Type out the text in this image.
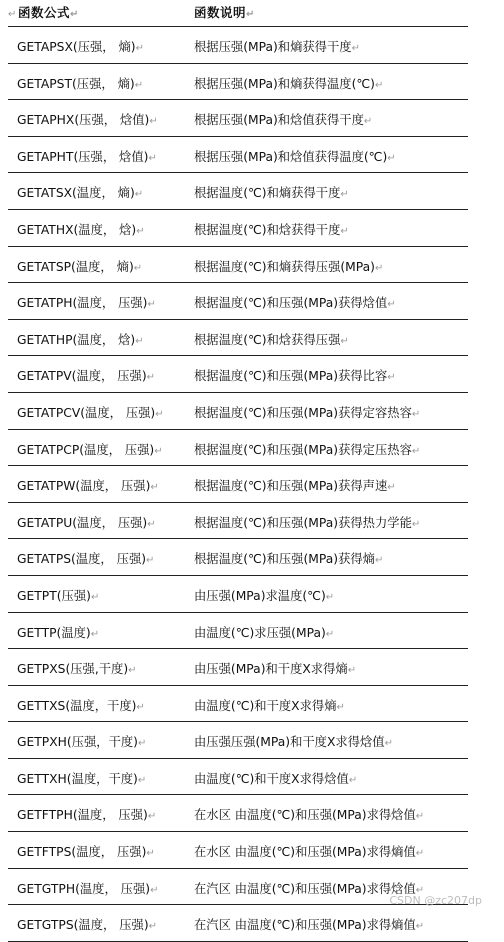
↵ 函数公式↵	函数说明↵
GETAPSX(压强， 熵)↵	根据压强(MPa)和熵获得干度↵
GETAPST(压强， 熵)↵	根据压强(MPa)和熵获得温度(℃)↵
GETAPHX(压强， 焓值)↵	根据压强(MPa)和焓值获得干度↵
GETAPHT(压强， 焓值)↵	根据压强(MPa)和焓值获得温度(℃)↵
GETATSX(温度， 熵)↵	根据温度(℃)和熵获得干度↵
GETATHX(温度， 焓)↵	根据温度(℃)和焓获得干度↵
GETATSP(温度， 熵)↵	根据温度(℃)和熵获得压强(MPa)↵
GETATPH(温度， 压强)↵	根据温度(℃)和压强(MPa)获得焓值↵
GETATHP(温度， 焓)↵	根据温度(℃)和焓获得压强↵
GETATPV(温度， 压强)↵	根据温度(℃)和压强(MPa)获得比容↵
GETATPCV(温度， 压强)↵ 根据温度(℃)和压强(MPa)获得定容热容↵
GETATPCP(温度， 压强)↵	根据温度(℃)和压强(MPa)获得定压热容↵
GETATPW(温度， 压强)↵	根据温度(℃)和压强(MPa)获得声速↵
GETATPU(温度， 压强)↵	根据温度(℃)和压强(MPa)获得热力学能↵
GETATPS(温度， 压强)↵	根据温度(℃)和压强(MPa)获得熵↵
GETPT(压强)↵	由压强(MPa)求温度(℃)↵
GETTP(温度)↵	由温度(℃)求压强(MPa)↵
GETPXS(压强,干度)↵	由压强(MPa)和干度X求得熵↵
GETTXS(温度，干度)↵	由温度(℃)和干度X求得熵↵
GETPXH(压强，干度)↵	由压强压强(MPa)和干度X求得焓值↵
GETTXH(温度，干度)↵	由温度(℃)和干度X求得焓值↵
GETFTPH(温度， 压强)↵	在水区 由温度(℃)和压强(MPa)求得焓值↵
GETFTPS(温度， 压强)↵	在水区 由温度(℃)和压强(MPa)求得熵值↵
GETGTPH(温度， 压强)↵	在汽区 由温度(℃)和压强(MPa)求得焓值↵
GETGTPS(温度， 压强)↵	在汽区 由温度(℃)和压强(MPa)求得熵值↵
CSDN @zc207dp
